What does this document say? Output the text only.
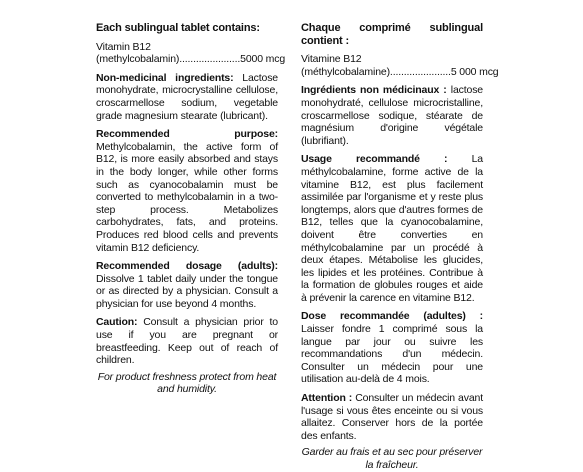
Each sublingual tablet contains:
Vitamin B12
(methylcobalamin) ...................... 5000 mcg
Non-medicinal ingredients: Lactose monohydrate, microcrystalline cellulose, croscarmellose sodium, vegetable grade magnesium stearate (lubricant).
Recommended purpose: Methylcobalamin, the active form of B12, is more easily absorbed and stays in the body longer, while other forms such as cyanocobalamin must be converted to methylcobalamin in a two-step process. Metabolizes carbohydrates, fats, and proteins. Produces red blood cells and prevents vitamin B12 deficiency.
Recommended dosage (adults): Dissolve 1 tablet daily under the tongue or as directed by a physician. Consult a physician for use beyond 4 months.
Caution: Consult a physician prior to use if you are pregnant or breastfeeding. Keep out of reach of children.
For product freshness protect from heat and humidity.
Chaque comprimé sublingual contient :
Vitamine B12
(méthylcobalamine) ...................... 5 000 mcg
Ingrédients non médicinaux : lactose monohydraté, cellulose microcristalline, croscarmellose sodique, stéarate de magnésium d'origine végétale (lubrifiant).
Usage recommandé : La méthylcobalamine, forme active de la vitamine B12, est plus facilement assimilée par l'organisme et y reste plus longtemps, alors que d'autres formes de B12, telles que la cyanocobalamine, doivent être converties en méthylcobalamine par un procédé à deux étapes. Métabolise les glucides, les lipides et les protéines. Contribue à la formation de globules rouges et aide à prévenir la carence en vitamine B12.
Dose recommandée (adultes) : Laisser fondre 1 comprimé sous la langue par jour ou suivre les recommandations d'un médecin. Consulter un médecin pour une utilisation au-delà de 4 mois.
Attention : Consulter un médecin avant l'usage si vous êtes enceinte ou si vous allaitez. Conserver hors de la portée des enfants.
Garder au frais et au sec pour préserver la fraîcheur.
